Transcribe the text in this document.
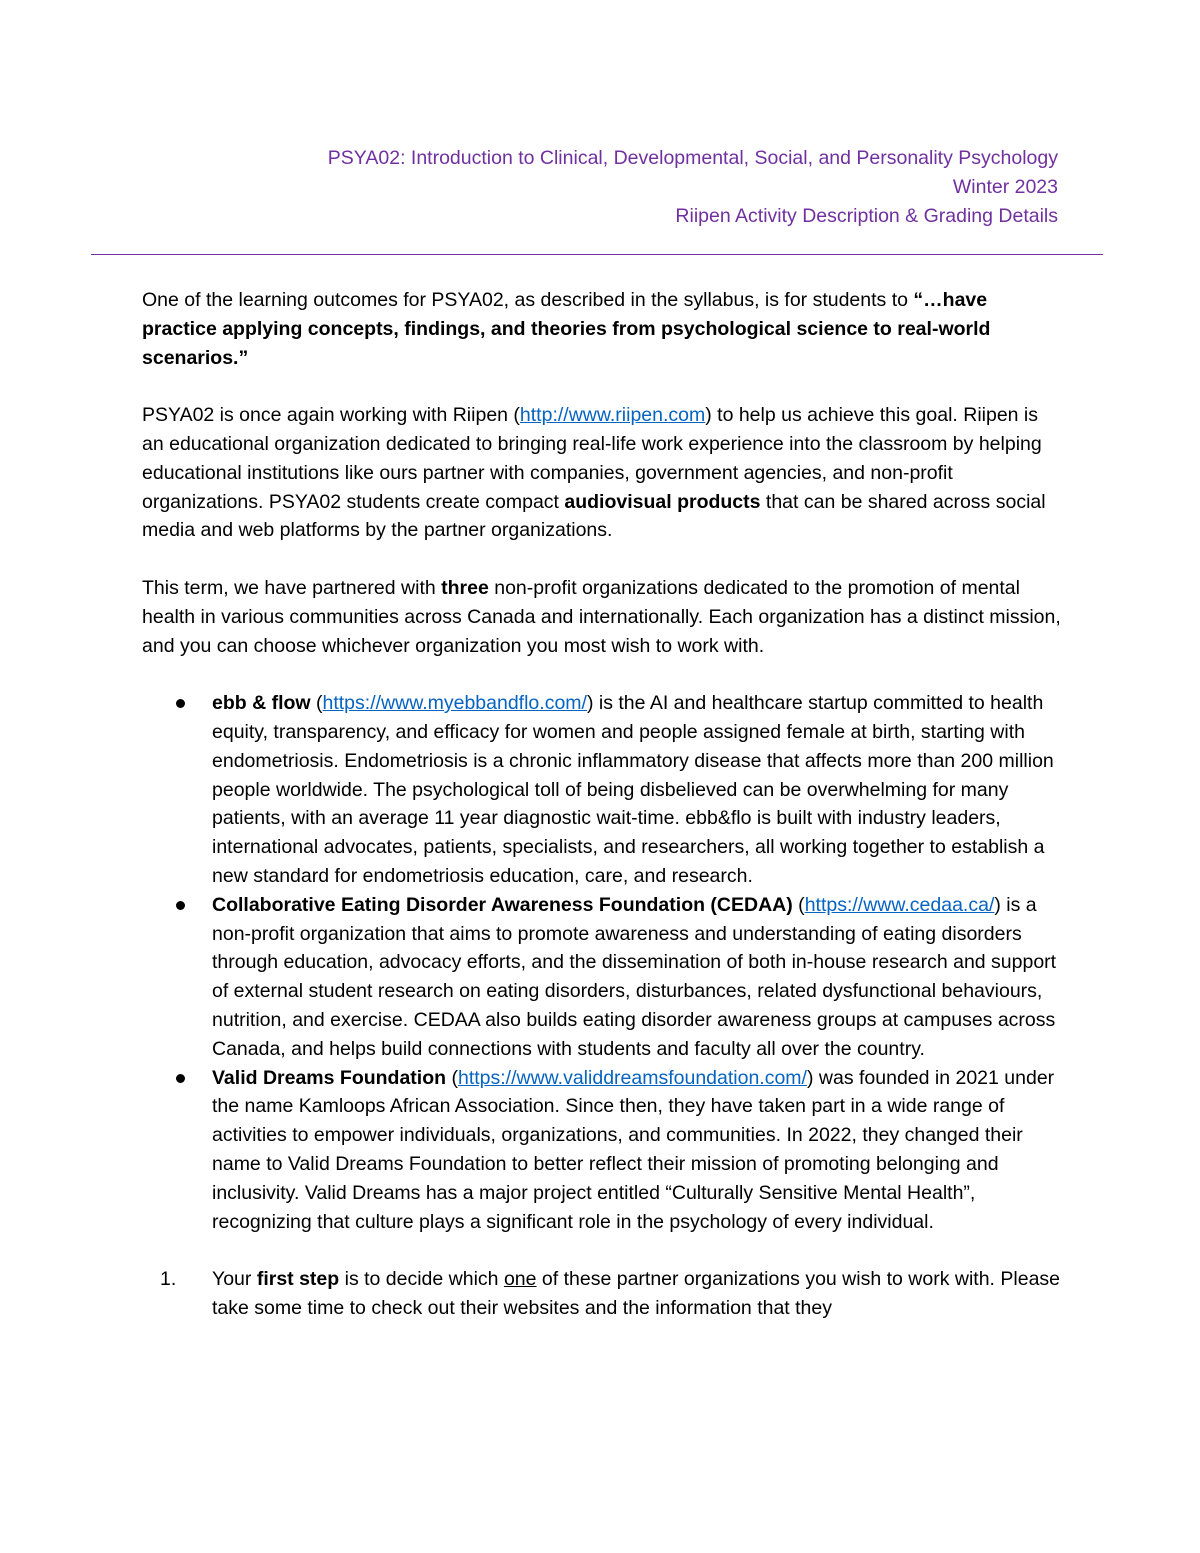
PSYA02: Introduction to Clinical, Developmental, Social, and Personality Psychology
Winter 2023
Riipen Activity Description & Grading Details

One of the learning outcomes for PSYA02, as described in the syllabus, is for students to “…have practice applying concepts, findings, and theories from psychological science to real-world scenarios.”

PSYA02 is once again working with Riipen (http://www.riipen.com) to help us achieve this goal. Riipen is an educational organization dedicated to bringing real-life work experience into the classroom by helping educational institutions like ours partner with companies, government agencies, and non-profit organizations. PSYA02 students create compact audiovisual products that can be shared across social media and web platforms by the partner organizations.

This term, we have partnered with three non-profit organizations dedicated to the promotion of mental health in various communities across Canada and internationally. Each organization has a distinct mission, and you can choose whichever organization you most wish to work with.

ebb & flow (https://www.myebbandflo.com/) is the AI and healthcare startup committed to health equity, transparency, and efficacy for women and people assigned female at birth, starting with endometriosis. Endometriosis is a chronic inflammatory disease that affects more than 200 million people worldwide. The psychological toll of being disbelieved can be overwhelming for many patients, with an average 11 year diagnostic wait-time. ebb&flo is built with industry leaders, international advocates, patients, specialists, and researchers, all working together to establish a new standard for endometriosis education, care, and research.
Collaborative Eating Disorder Awareness Foundation (CEDAA) (https://www.cedaa.ca/) is a non-profit organization that aims to promote awareness and understanding of eating disorders through education, advocacy efforts, and the dissemination of both in-house research and support of external student research on eating disorders, disturbances, related dysfunctional behaviours, nutrition, and exercise. CEDAA also builds eating disorder awareness groups at campuses across Canada, and helps build connections with students and faculty all over the country.
Valid Dreams Foundation (https://www.validdreamsfoundation.com/) was founded in 2021 under the name Kamloops African Association. Since then, they have taken part in a wide range of activities to empower individuals, organizations, and communities. In 2022, they changed their name to Valid Dreams Foundation to better reflect their mission of promoting belonging and inclusivity. Valid Dreams has a major project entitled “Culturally Sensitive Mental Health”, recognizing that culture plays a significant role in the psychology of every individual.
1. Your first step is to decide which one of these partner organizations you wish to work with. Please take some time to check out their websites and the information that they
